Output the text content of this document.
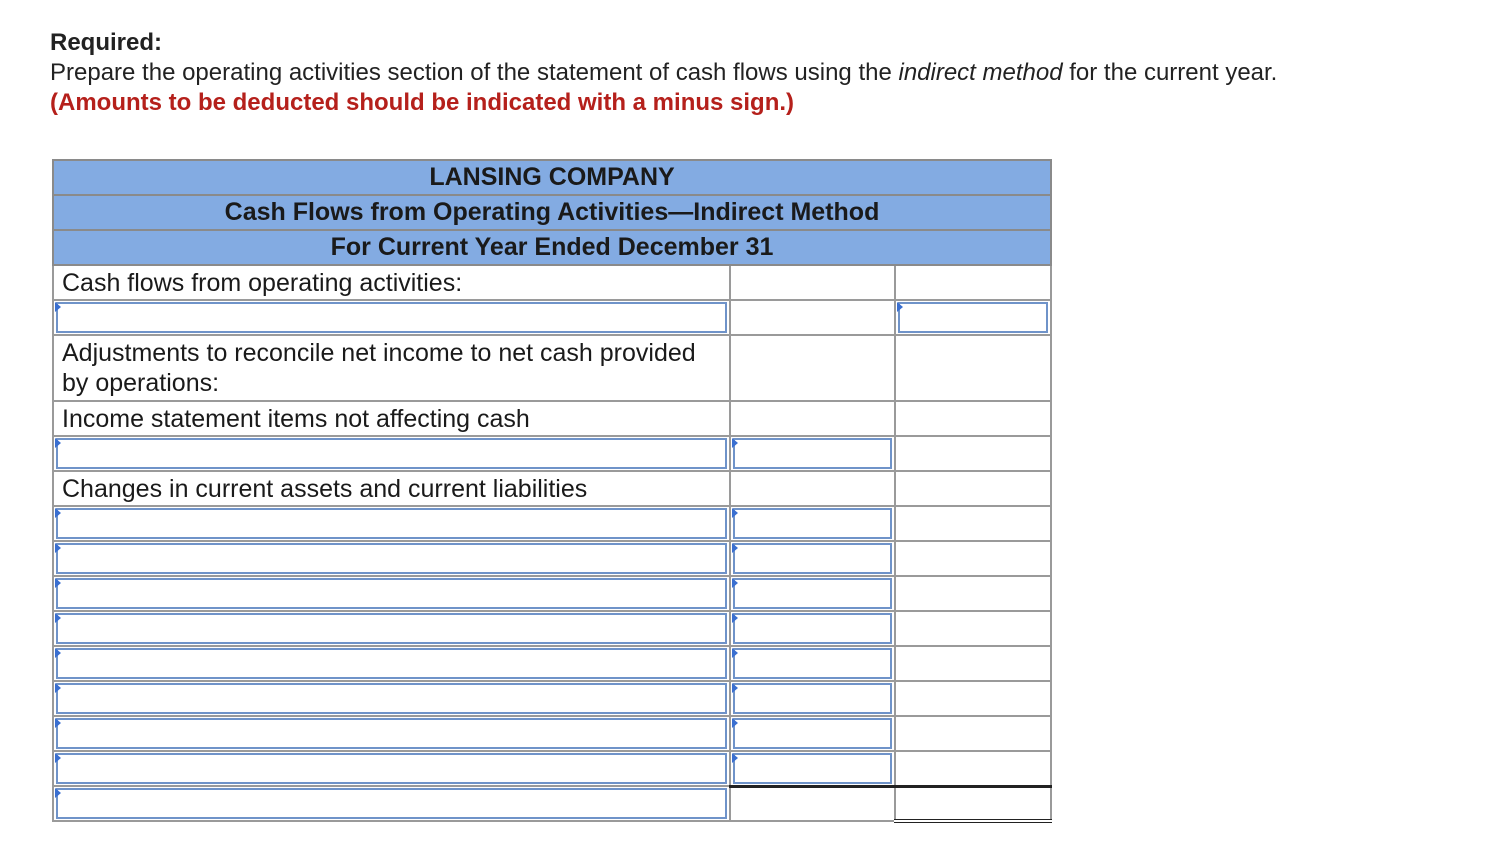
Required:
Prepare the operating activities section of the statement of cash flows using the indirect method for the current year.
(Amounts to be deducted should be indicated with a minus sign.)
LANSING COMPANY		
Cash Flows from Operating Activities—Indirect Method		
For Current Year Ended December 31		
Cash flows from operating activities:		

Adjustments to reconcile net income to net cash provided by operations:		
Income statement items not affecting cash		

Changes in current assets and current liabilities		
